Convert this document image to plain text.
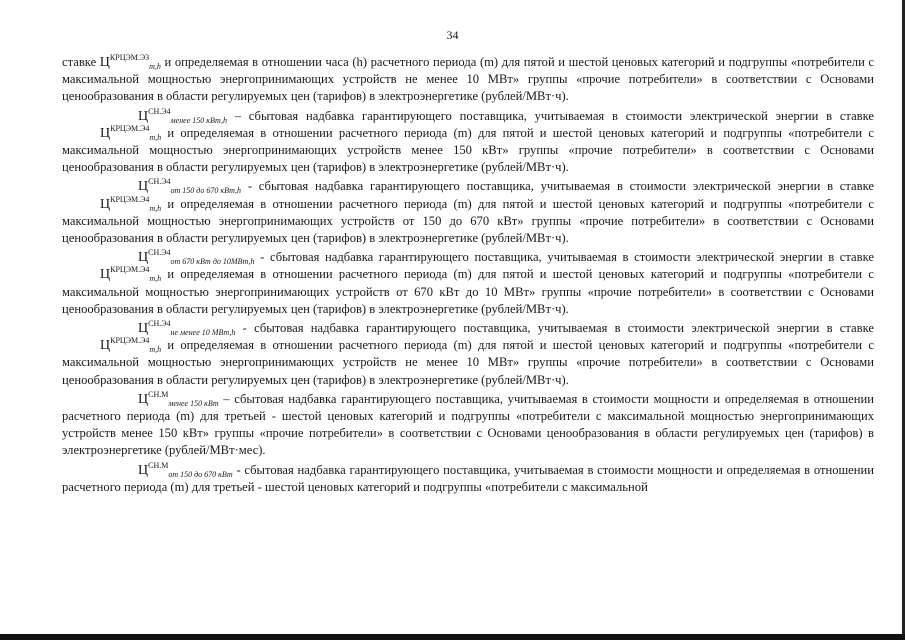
34

ставке $Ц^{КРЦЭМ.Э3}_{m,h}$ и определяемая в отношении часа (h) расчетного периода (m) для пятой и шестой ценовых категорий и подгруппы «потребители с максимальной мощностью энергопринимающих устройств не менее 10 МВт» группы «прочие потребители» в соответствии с Основами ценообразования в области регулируемых цен (тарифов) в электроэнергетике (рублей/МВт·ч).

$Ц^{СН.Э4}_{менее 150 кВт,h}$ – сбытовая надбавка гарантирующего поставщика, учитываемая в стоимости электрической энергии в ставке $Ц^{КРЦЭМ.Э4}_{m,h}$ и определяемая в отношении расчетного периода (m) для пятой и шестой ценовых категорий и подгруппы «потребители с максимальной мощностью энергопринимающих устройств менее 150 кВт» группы «прочие потребители» в соответствии с Основами ценообразования в области регулируемых цен (тарифов) в электроэнергетике (рублей/МВт·ч).

$Ц^{СН.Э4}_{от 150 до 670 кВт,h}$ - сбытовая надбавка гарантирующего поставщика, учитываемая в стоимости электрической энергии в ставке $Ц^{КРЦЭМ.Э4}_{m,h}$ и определяемая в отношении расчетного периода (m) для пятой и шестой ценовых категорий и подгруппы «потребители с максимальной мощностью энергопринимающих устройств от 150 до 670 кВт» группы «прочие потребители» в соответствии с Основами ценообразования в области регулируемых цен (тарифов) в электроэнергетике (рублей/МВт·ч).

$Ц^{СН.Э4}_{от 670 кВт до 10МВт,h}$ - сбытовая надбавка гарантирующего поставщика, учитываемая в стоимости электрической энергии в ставке $Ц^{КРЦЭМ.Э4}_{m,h}$ и определяемая в отношении расчетного периода (m) для пятой и шестой ценовых категорий и подгруппы «потребители с максимальной мощностью энергопринимающих устройств от 670 кВт до 10 МВт» группы «прочие потребители» в соответствии с Основами ценообразования в области регулируемых цен (тарифов) в электроэнергетике (рублей/МВт·ч).

$Ц^{СН.Э4}_{не менее 10 МВт,h}$ - сбытовая надбавка гарантирующего поставщика, учитываемая в стоимости электрической энергии в ставке $Ц^{КРЦЭМ.Э4}_{m,h}$ и определяемая в отношении расчетного периода (m) для пятой и шестой ценовых категорий и подгруппы «потребители с максимальной мощностью энергопринимающих устройств не менее 10 МВт» группы «прочие потребители» в соответствии с Основами ценообразования в области регулируемых цен (тарифов) в электроэнергетике (рублей/МВт·ч).

$Ц^{СН.М}_{менее 150 кВт}$ – сбытовая надбавка гарантирующего поставщика, учитываемая в стоимости мощности и определяемая в отношении расчетного периода (m) для третьей - шестой ценовых категорий и подгруппы «потребители с максимальной мощностью энергопринимающих устройств менее 150 кВт» группы «прочие потребители» в соответствии с Основами ценообразования в области регулируемых цен (тарифов) в электроэнергетике (рублей/МВт·мес).

$Ц^{СН.М}_{от 150 до 670 кВт}$ - сбытовая надбавка гарантирующего поставщика, учитываемая в стоимости мощности и определяемая в отношении расчетного периода (m) для третьей - шестой ценовых категорий и подгруппы «потребители с максимальной
